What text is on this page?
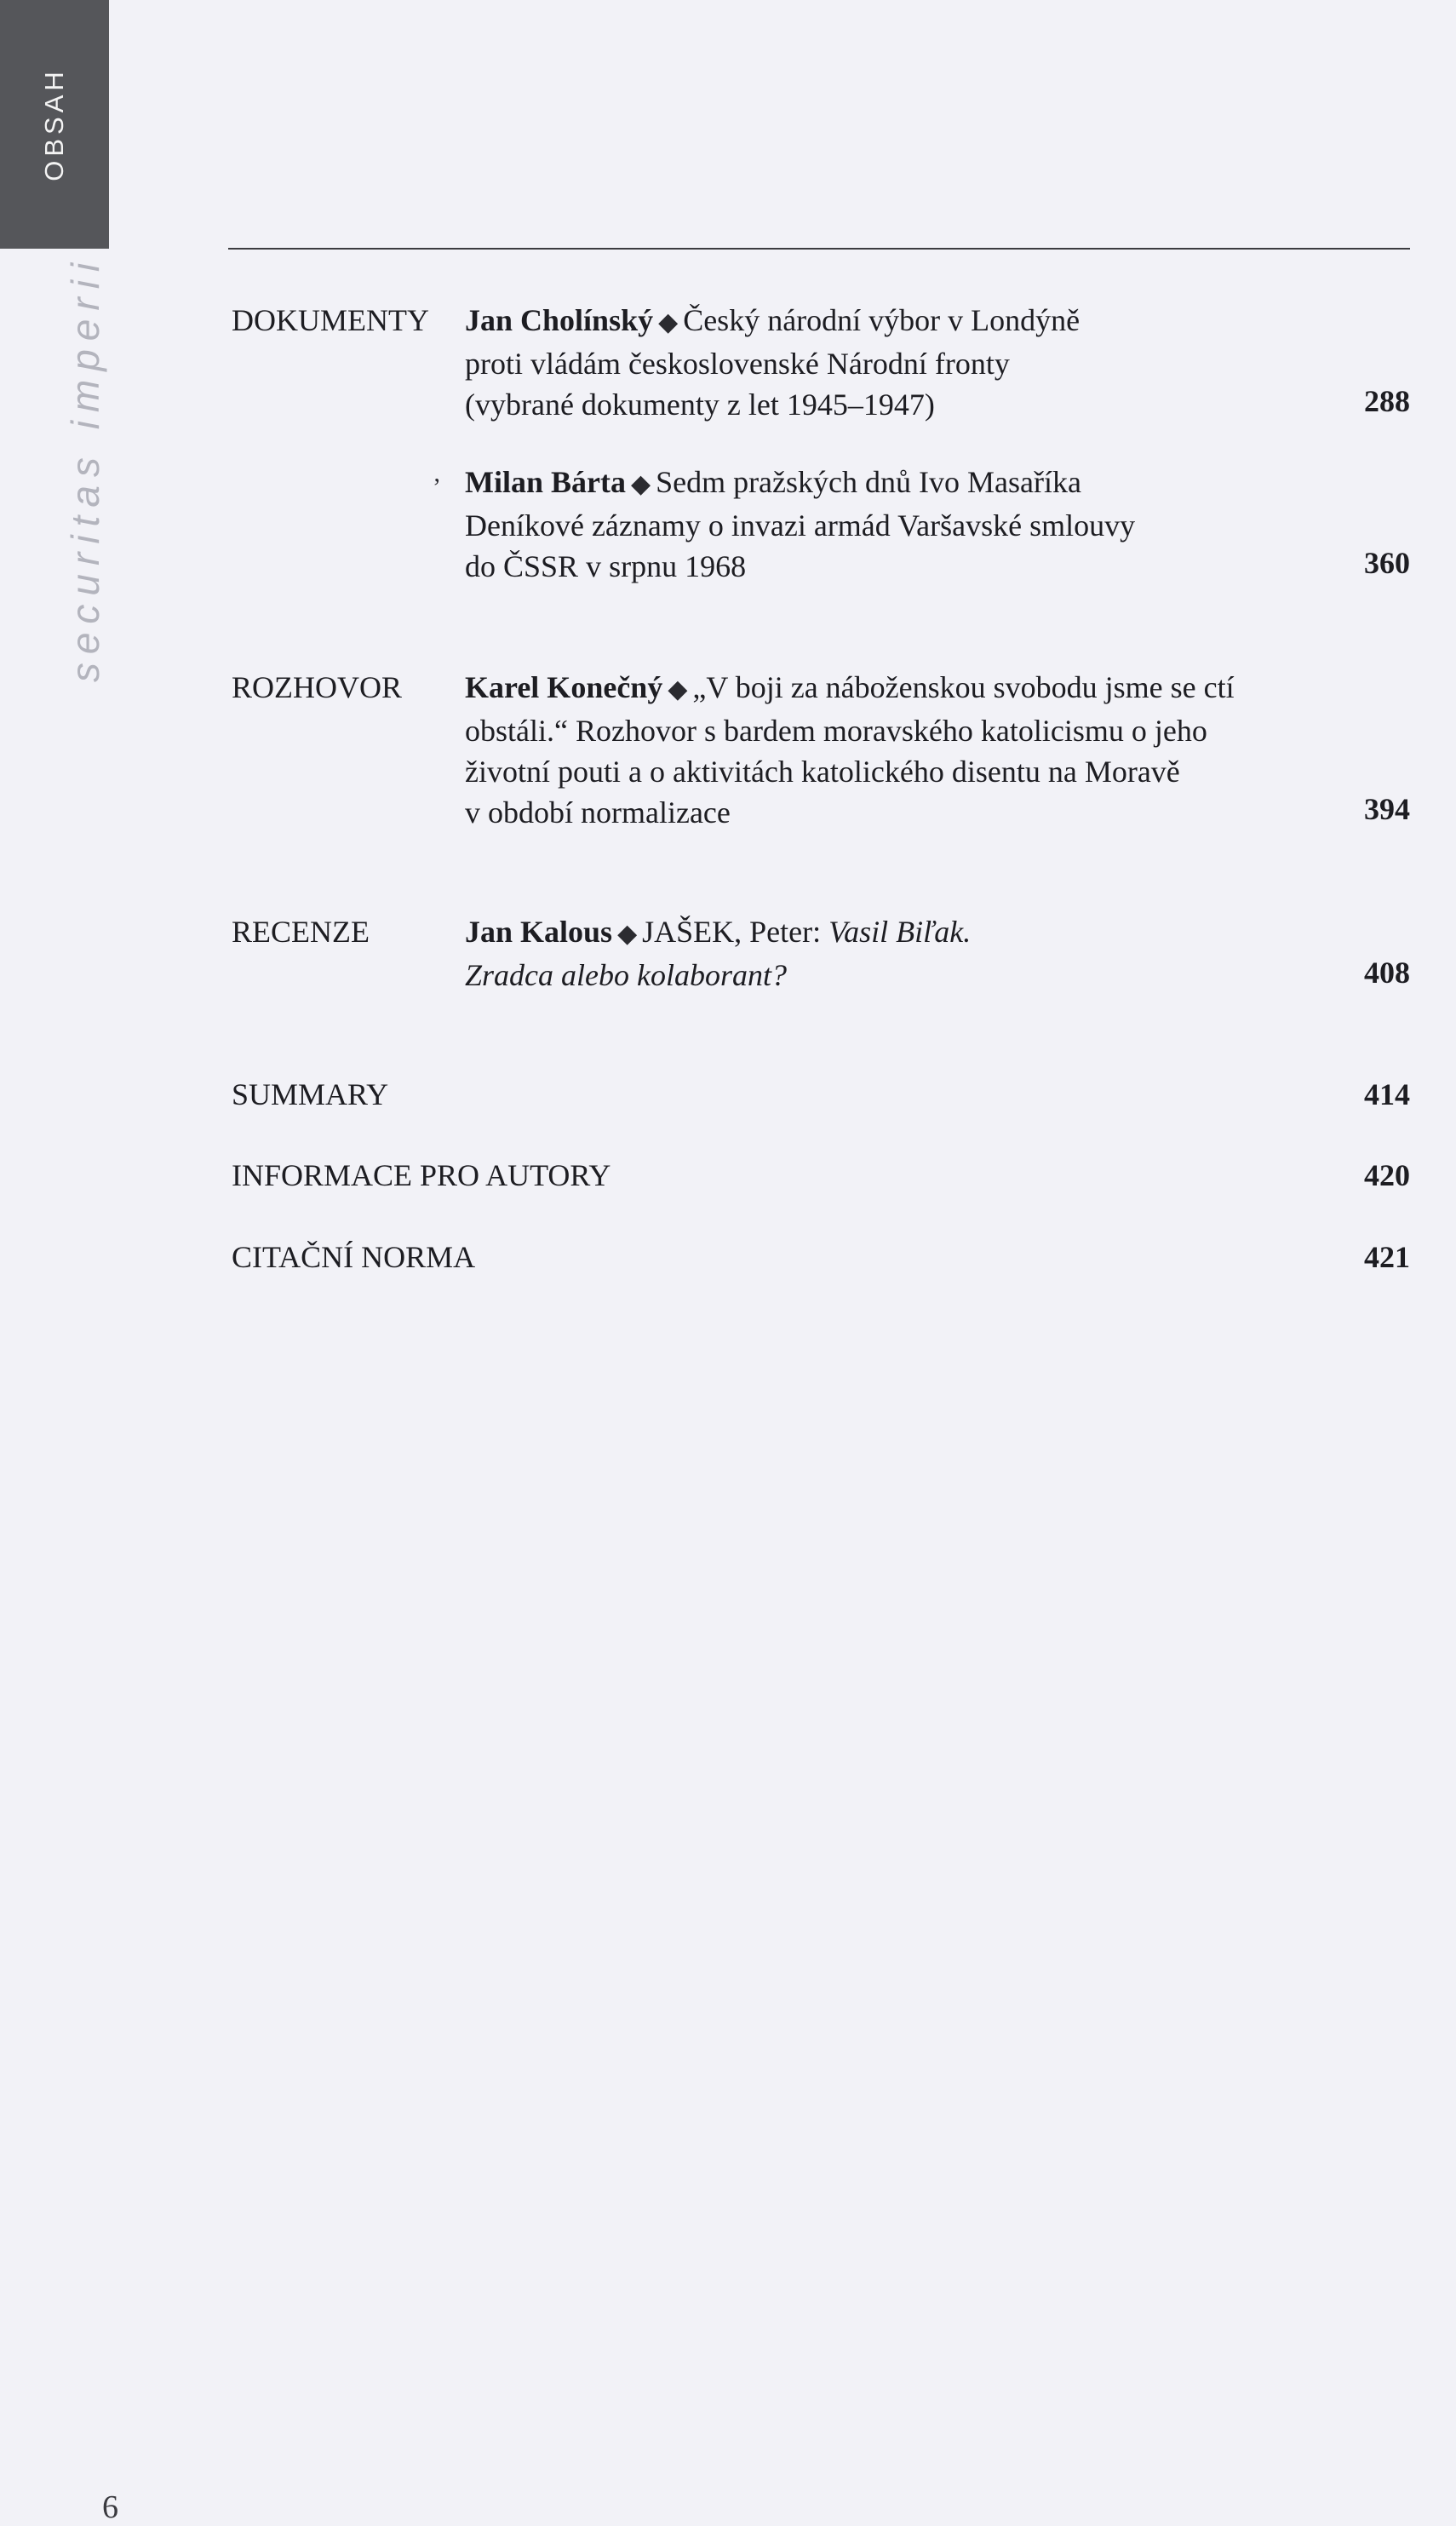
OBSAH
securitas imperii	DOKUMENTY Jan Cholínský ◆ Český národní výbor v Londýně
proti vládám československé Národní fronty
(vybrané dokumenty z let 1945–1947)	288
ʼ Milan Bárta ◆ Sedm pražských dnů Ivo Masaříka
Deníkové záznamy o invazi armád Varšavské smlouvy
do ČSSR v srpnu 1968	360
ROZHOVOR Karel Konečný ◆ „V boji za náboženskou svobodu jsme se ctí
obstáli.“ Rozhovor s bardem moravského katolicismu o jeho
životní pouti a o aktivitách katolického disentu na Moravě
v období normalizace	394
RECENZE	Jan Kalous ◆ JAŠEK, Peter: Vasil Biľak.
Zradca alebo kolaborant?	408
SUMMARY	414
INFORMACE PRO AUTORY	420
CITAČNÍ NORMA	421
6
